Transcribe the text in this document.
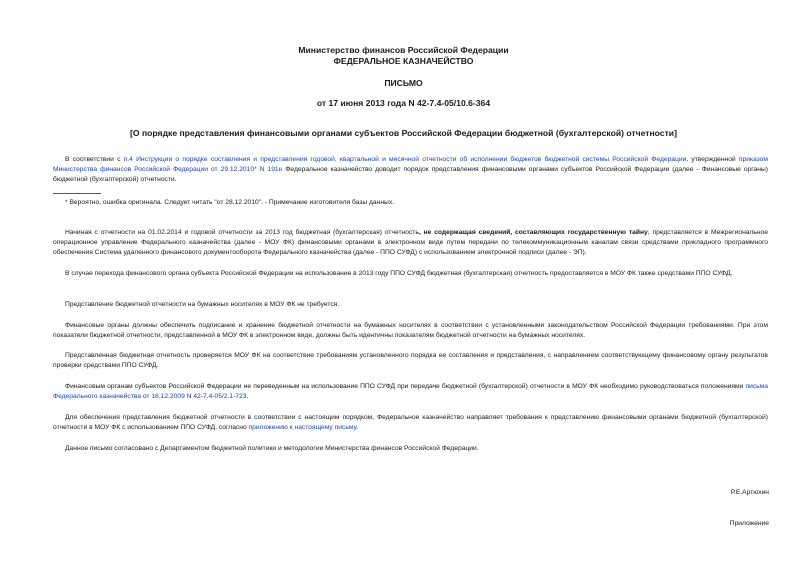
Министерство финансов Российской Федерации
ФЕДЕРАЛЬНОЕ КАЗНАЧЕЙСТВО
ПИСЬМО
от 17 июня 2013 года N 42-7.4-05/10.6-364
[О порядке представления финансовыми органами субъектов Российской Федерации бюджетной (бухгалтерской) отчетности]
В соответствии с п.4 Инструкции о порядке составления и представления годовой, квартальной и месячной отчетности об исполнении бюджетов бюджетной системы Российской Федерации, утвержденной приказом Министерства финансов Российской Федерации от 29.12.2010* N 191н Федеральное казначейство доводит порядок представления финансовыми органами субъектов Российской Федерации (далее - Финансовые органы) бюджетной (бухгалтерской) отчетности.
* Вероятно, ошибка оригинала. Следует читать "от 28.12.2010". - Примечание изготовителя базы данных.
Начиная с отчетности на 01.02.2014 и годовой отчетности за 2013 год бюджетная (бухгалтерская) отчетность, не содержащая сведений, составляющих государственную тайну, представляется в Межрегиональное операционное управление Федерального казначейства (далее - МОУ ФК) финансовыми органами в электронном виде путем передачи по телекоммуникационным каналам связи средствами прикладного программного обеспечения Система удаленного финансового документооборота Федерального казначейства (далее - ППО СУФД) с использованием электронной подписи (далее - ЭП).
В случае перехода финансового органа субъекта Российской Федерации на использование в 2013 году ППО СУФД бюджетная (бухгалтерская) отчетность предоставляется в МОУ ФК также средствами ППО СУФД.
Представление бюджетной отчетности на бумажных носителях в МОУ ФК не требуется.
Финансовые органы должны обеспечить подписание и хранение бюджетной отчетности на бумажных носителях в соответствии с установленными законодательством Российской Федерации требованиями. При этом показатели бюджетной отчетности, представленной в МОУ ФК в электронном виде, должны быть идентичны показателям бюджетной отчетности на бумажных носителях.
Представленная бюджетная отчетность проверяется МОУ ФК на соответствие требованиям установленного порядка ее составления и представления, с направлением соответствующему финансовому органу результатов проверки средствами ППО СУФД.
Финансовым органам субъектов Российской Федерации не переведенным на использование ППО СУФД при передаче бюджетной (бухгалтерской) отчетности в МОУ ФК необходимо руководствоваться положениями письма Федерального казначейства от 16.12.2009 N 42-7.4-05/2.1-723.
Для обеспечения представления бюджетной отчетности в соответствии с настоящим порядком, Федеральное казначейство направляет требования к представлению финансовыми органами бюджетной (бухгалтерской) отчетности в МОУ ФК с использованием ППО СУФД, согласно приложению к настоящему письму.
Данное письмо согласовано с Департаментом бюджетной политики и методологии Министерства финансов Российской Федерации.
Р.Е.Артюхин
Приложение
